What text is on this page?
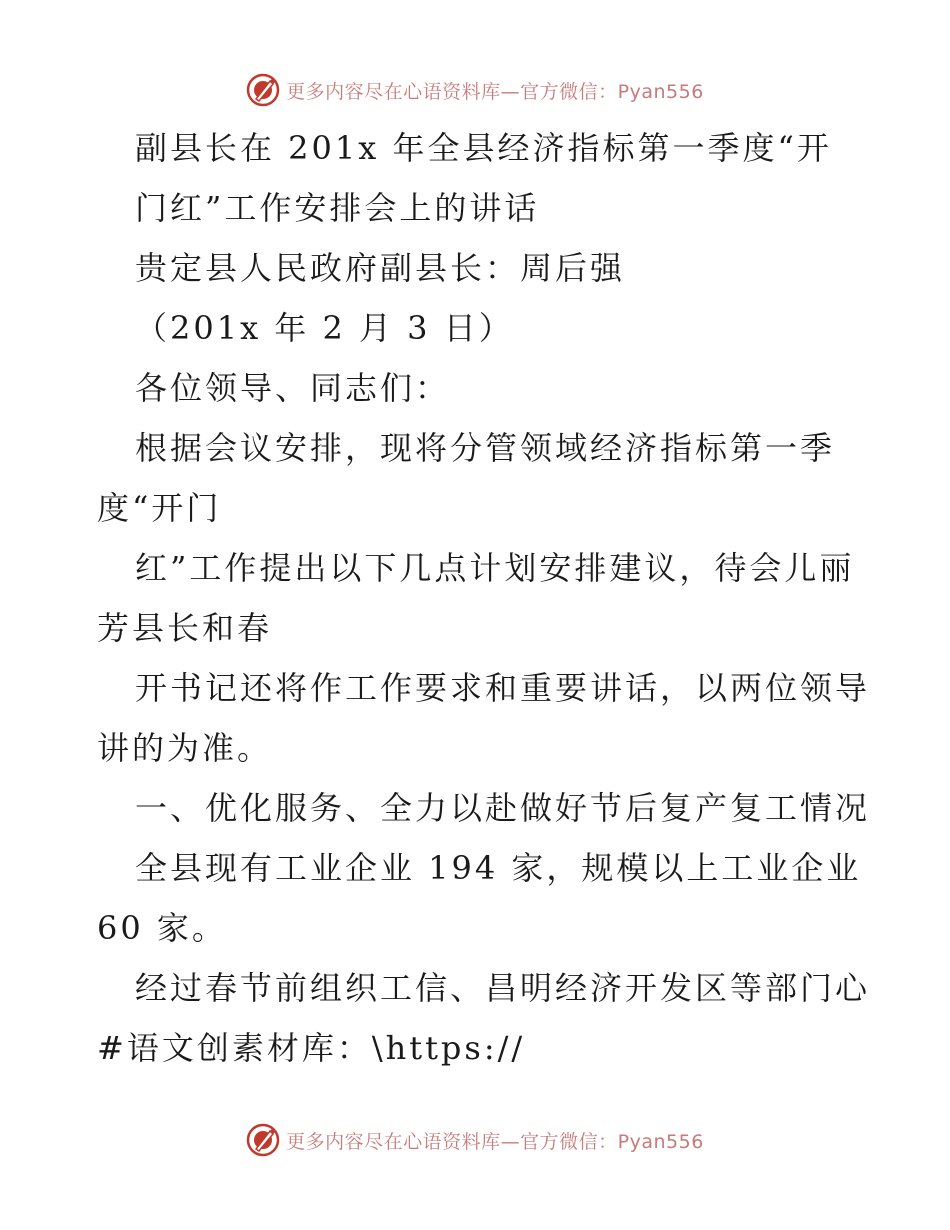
更多内容尽在心语资料库—官方微信：Pyan556

副县长在 201x 年全县经济指标第一季度“开

门红”工作安排会上的讲话

贵定县人民政府副县长：周后强

（201x 年 2 月 3 日）

各位领导、同志们：

根据会议安排，现将分管领域经济指标第一季

度“开门

红”工作提出以下几点计划安排建议，待会儿丽

芳县长和春

开书记还将作工作要求和重要讲话，以两位领导

讲的为准。

一、优化服务、全力以赴做好节后复产复工情况

全县现有工业企业 194 家，规模以上工业企业

60 家。

经过春节前组织工信、昌明经济开发区等部门心

#语文创素材库：\https://

更多内容尽在心语资料库—官方微信：Pyan556
